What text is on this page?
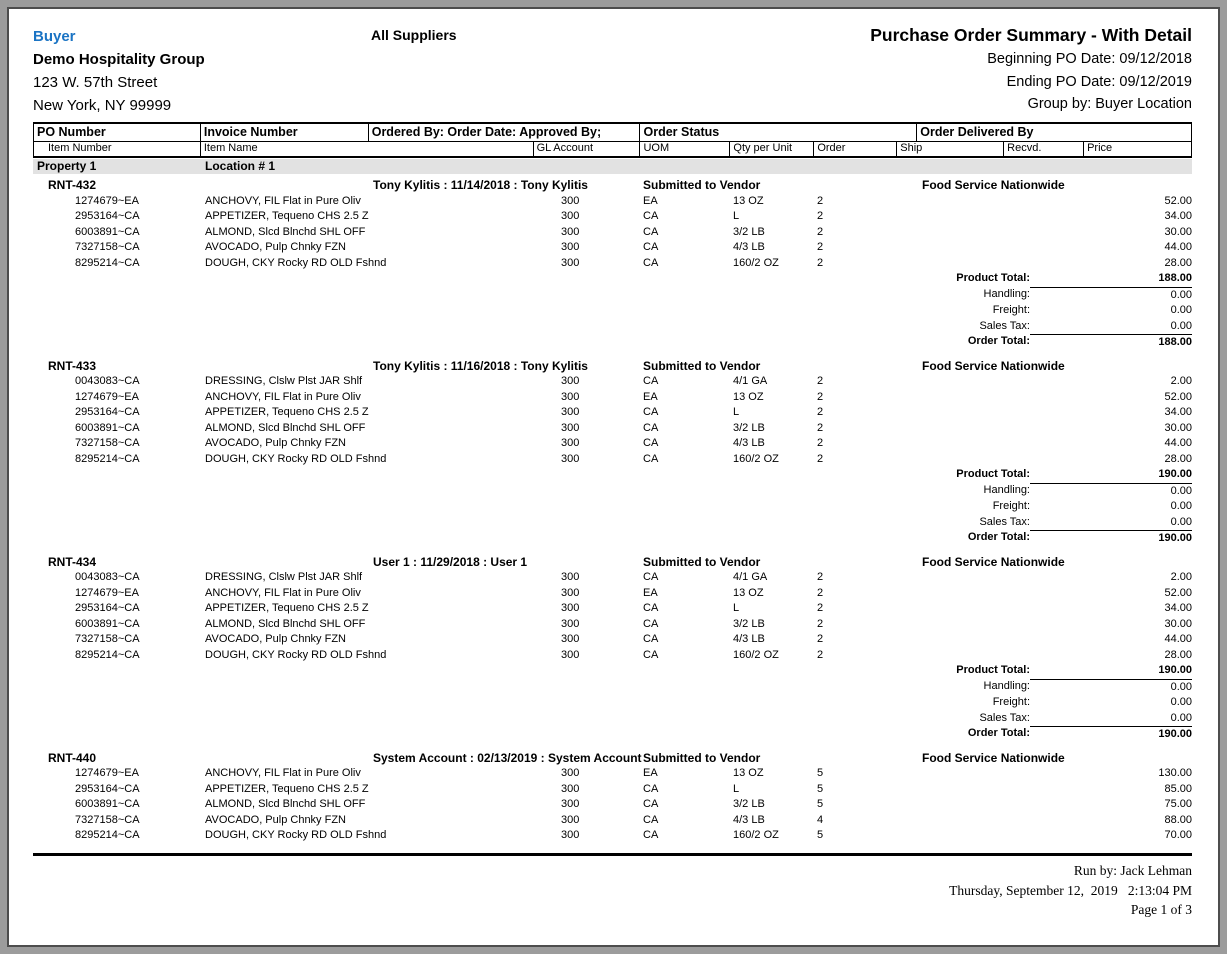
Buyer
Demo Hospitality Group
123 W. 57th Street
New York, NY 99999
All Suppliers	Purchase Order Summary - With Detail
Beginning PO Date: 09/12/2018
Ending PO Date: 09/12/2019
Group by: Buyer Location
PO Number	Invoice Number	Ordered By: Order Date: Approved By;	Order Status	Order Delivered By
Item Number	Item Name	GL Account	UOM	Qty per Unit	Order	Ship	Recvd.	Price
Property 1	Location # 1
RNT-432	Tony Kylitis : 11/14/2018 : Tony Kylitis	Submitted to Vendor	Food Service Nationwide
1274679~EA	ANCHOVY, FIL Flat in Pure Oliv	300	EA	13 OZ	2	52.00
2953164~CA	APPETIZER, Tequeno CHS 2.5 Z	300	CA	L	2	34.00
6003891~CA	ALMOND, Slcd Blnchd SHL OFF	300	CA	3/2 LB	2	30.00
7327158~CA	AVOCADO, Pulp Chnky FZN	300	CA	4/3 LB	2	44.00
8295214~CA	DOUGH, CKY Rocky RD OLD Fshnd	300	CA	160/2 OZ	2	28.00
Product Total:	188.00
Handling:	0.00
Freight:	0.00
Sales Tax:	0.00
Order Total:	188.00
RNT-433	Tony Kylitis : 11/16/2018 : Tony Kylitis	Submitted to Vendor	Food Service Nationwide
0043083~CA	DRESSING, Clslw Plst JAR Shlf	300	CA	4/1 GA	2	2.00
1274679~EA	ANCHOVY, FIL Flat in Pure Oliv	300	EA	13 OZ	2	52.00
2953164~CA	APPETIZER, Tequeno CHS 2.5 Z	300	CA	L	2	34.00
6003891~CA	ALMOND, Slcd Blnchd SHL OFF	300	CA	3/2 LB	2	30.00
7327158~CA	AVOCADO, Pulp Chnky FZN	300	CA	4/3 LB	2	44.00
8295214~CA	DOUGH, CKY Rocky RD OLD Fshnd	300	CA	160/2 OZ	2	28.00
Product Total:	190.00
Handling:	0.00
Freight:	0.00
Sales Tax:	0.00
Order Total:	190.00
RNT-434	User 1 : 11/29/2018 : User 1	Submitted to Vendor	Food Service Nationwide
0043083~CA	DRESSING, Clslw Plst JAR Shlf	300	CA	4/1 GA	2	2.00
1274679~EA	ANCHOVY, FIL Flat in Pure Oliv	300	EA	13 OZ	2	52.00
2953164~CA	APPETIZER, Tequeno CHS 2.5 Z	300	CA	L	2	34.00
6003891~CA	ALMOND, Slcd Blnchd SHL OFF	300	CA	3/2 LB	2	30.00
7327158~CA	AVOCADO, Pulp Chnky FZN	300	CA	4/3 LB	2	44.00
8295214~CA	DOUGH, CKY Rocky RD OLD Fshnd	300	CA	160/2 OZ	2	28.00
Product Total:	190.00
Handling:	0.00
Freight:	0.00
Sales Tax:	0.00
Order Total:	190.00
RNT-440	System Account : 02/13/2019 : System Account Submitted to Vendor	Food Service Nationwide
1274679~EA	ANCHOVY, FIL Flat in Pure Oliv	300	EA	13 OZ	5	130.00
2953164~CA	APPETIZER, Tequeno CHS 2.5 Z	300	CA	L	5	85.00
6003891~CA	ALMOND, Slcd Blnchd SHL OFF	300	CA	3/2 LB	5	75.00
7327158~CA	AVOCADO, Pulp Chnky FZN	300	CA	4/3 LB	4	88.00
8295214~CA	DOUGH, CKY Rocky RD OLD Fshnd	300	CA	160/2 OZ	5	70.00
Run by: Jack Lehman
Thursday, September 12,  2019   2:13:04 PM
Page 1 of 3
